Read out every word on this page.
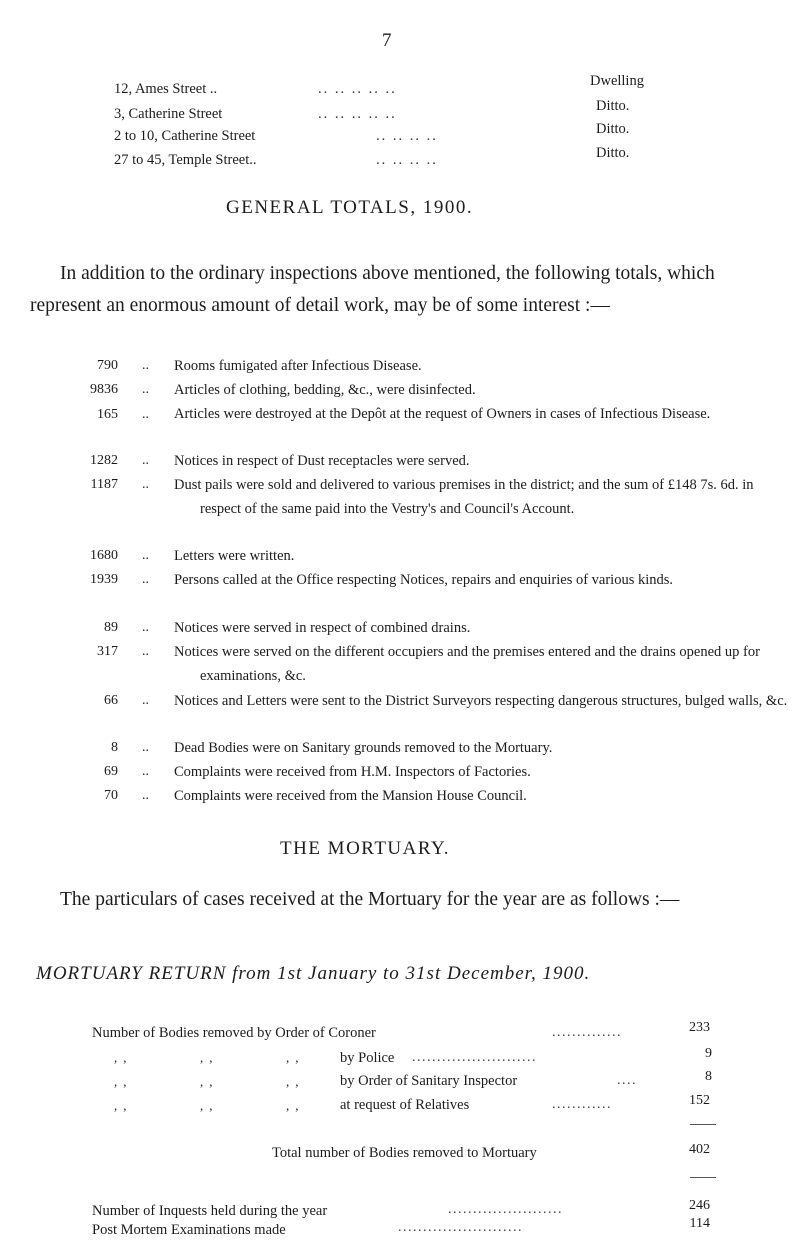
7
12, Ames Street ..	.. .. .. .. ..	Dwelling
3, Catherine Street	.. .. .. .. ..	Ditto.
2 to 10, Catherine Street	.. .. .. ..	Ditto.
27 to 45, Temple Street..	.. .. .. ..	Ditto.
GENERAL TOTALS, 1900.
In addition to the ordinary inspections above mentioned, the following totals, which represent an enormous amount of detail work, may be of some interest :—
790 .. Rooms fumigated after Infectious Disease.
9836 .. Articles of clothing, bedding, &c., were disinfected.
165 .. Articles were destroyed at the Depôt at the request of Owners in cases of Infectious Disease.
1282 .. Notices in respect of Dust receptacles were served.
1187 .. Dust pails were sold and delivered to various premises in the district; and the sum of £148 7s. 6d. in respect of the same paid into the Vestry's and Council's Account.
1680 .. Letters were written.
1939 .. Persons called at the Office respecting Notices, repairs and enquiries of various kinds.
89 .. Notices were served in respect of combined drains.
317 .. Notices were served on the different occupiers and the premises entered and the drains opened up for examinations, &c.
66 .. Notices and Letters were sent to the District Surveyors respecting dangerous structures, bulged walls, &c.
8 .. Dead Bodies were on Sanitary grounds removed to the Mortuary.
69 .. Complaints were received from H.M. Inspectors of Factories.
70 .. Complaints were received from the Mansion House Council.
THE MORTUARY.
The particulars of cases received at the Mortuary for the year are as follows :—
MORTUARY RETURN from 1st January to 31st December, 1900.
Number of Bodies removed by Order of Coroner	..............	233
,,	,,	,, by Police .........................	9
,,	,,	,, by Order of Sanitary Inspector	....	8
,,	,,	,, at request of Relatives	............	152
Total number of Bodies removed to Mortuary	402
Number of Inquests held during the year	.......................	246
Post Mortem Examinations made	.........................	114
